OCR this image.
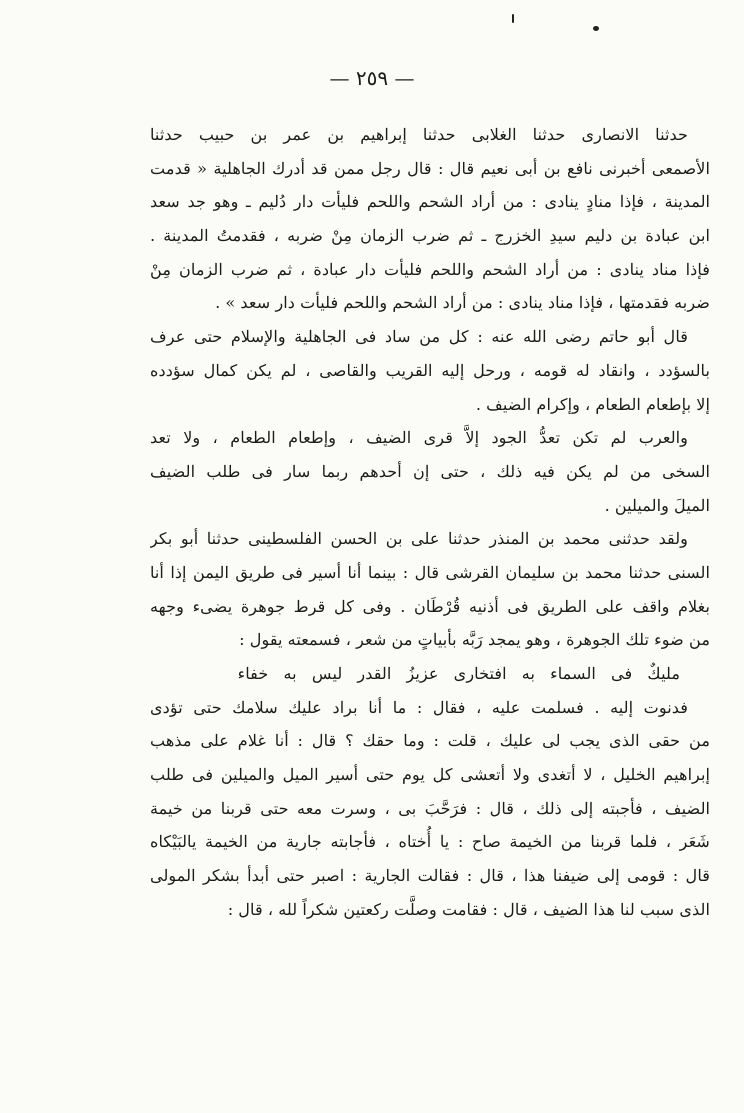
— ٢٥٩ —
حدثنا الانصارى حدثنا الغلابى حدثنا إبراهيم بن عمر بن حبيب حدثنا
الأصمعى أخبرنى نافع بن أبى نعيم قال : قال رجل ممن قد أدرك الجاهلية « قدمت
المدينة ، فإذا منادٍ ينادى : من أراد الشحم واللحم فليأت دار دُليم ـ وهو جد سعد
ابن عبادة بن دليم سيدِ الخزرج ـ ثم ضرب الزمان مِنْ ضربه ، فقدمتُ المدينة .
فإذا مناد ينادى : من أراد الشحم واللحم فليأت دار عبادة ، ثم ضرب الزمان مِنْ
ضربه فقدمتها ، فإذا مناد ينادى : من أراد الشحم واللحم فليأت دار سعد » .
قال أبو حاتم رضى الله عنه : كل من ساد فى الجاهلية والإسلام حتى عرف
بالسؤدد ، وانقاد له قومه ، ورحل إليه القريب والقاصى ، لم يكن كمال سؤدده
إلا بإطعام الطعام ، وإكرام الضيف .
والعرب لم تكن تعدُّ الجود إلاَّ قرى الضيف ، وإطعام الطعام ، ولا تعد
السخى من لم يكن فيه ذلك ، حتى إن أحدهم ربما سار فى طلب الضيف
الميلَ والميلين .
ولقد حدثنى محمد بن المنذر حدثنا على بن الحسن الفلسطينى حدثنا أبو بكر
السنى حدثنا محمد بن سليمان القرشى قال : بينما أنا أسير فى طريق اليمن إذا أنا
بغلام واقف على الطريق فى أذنيه قُرْطَان . وفى كل قرط جوهرة يضىء وجهه
من ضوء تلك الجوهرة ، وهو يمجد رَبَّه بأبياتٍ من شعر ، فسمعته يقول :
مليكٌ فى السماء به افتخارى عزيزُ القدر ليس به خفاء
فدنوت إليه . فسلمت عليه ، فقال : ما أنا براد عليك سلامك حتى تؤدى
من حقى الذى يجب لى عليك ، قلت : وما حقك ؟ قال : أنا غلام على مذهب
إبراهيم الخليل ، لا أتغدى ولا أتعشى كل يوم حتى أسير الميل والميلين فى طلب
الضيف ، فأجبته إلى ذلك ، قال : فرَحَّبَ بى ، وسرت معه حتى قربنا من خيمة
شَعَر ، فلما قربنا من الخيمة صاح : يا أُختاه ، فأجابته جارية من الخيمة يالبَيْكاه
قال : قومى إلى ضيفنا هذا ، قال : فقالت الجارية : اصبر حتى أبدأ بشكر المولى
الذى سبب لنا هذا الضيف ، قال : فقامت وصلَّت ركعتين شكراً لله ، قال :
